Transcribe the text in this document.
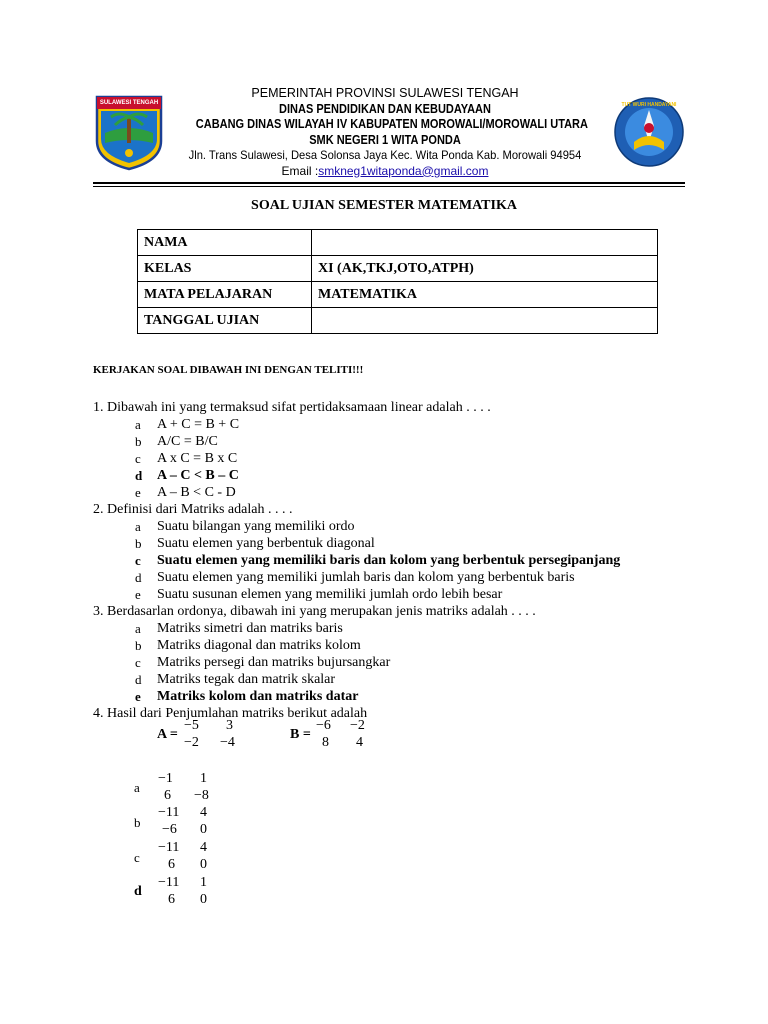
SULAWESI TENGAH	TUT WURI HANDAYANI
PEMERINTAH PROVINSI SULAWESI TENGAH
DINAS PENDIDIKAN DAN KEBUDAYAAN
CABANG DINAS WILAYAH IV KABUPATEN MOROWALI/MOROWALI UTARA
SMK NEGERI 1 WITA PONDA
Jln. Trans Sulawesi, Desa Solonsa Jaya Kec. Wita Ponda Kab. Morowali 94954
Email :smkneg1witaponda@gmail.com
SOAL UJIAN SEMESTER MATEMATIKA
NAMA	
KELAS	XI (AK,TKJ,OTO,ATPH)
MATA PELAJARAN	MATEMATIKA
TANGGAL UJIAN	
KERJAKAN SOAL DIBAWAH INI DENGAN TELITI!!!
1. Dibawah ini yang termaksud sifat pertidaksamaan linear adalah . . . .
a A + C = B + C
b A/C = B/C
c A x C = B x C
d A – C < B – C
e A – B < C - D
2. Definisi dari Matriks adalah . . . .
a Suatu bilangan yang memiliki ordo
b Suatu elemen yang berbentuk diagonal
c Suatu elemen yang memiliki baris dan kolom yang berbentuk persegipanjang
d Suatu elemen yang memiliki jumlah baris dan kolom yang berbentuk baris
e Suatu susunan elemen yang memiliki jumlah ordo lebih besar
3. Berdasarlan ordonya, dibawah ini yang merupakan jenis matriks adalah . . . .
a Matriks simetri dan matriks baris
b Matriks diagonal dan matriks kolom
c Matriks persegi dan matriks bujursangkar
d Matriks tegak dan matrik skalar
e Matriks kolom dan matriks datar
4. Hasil dari Penjumlahan matriks berikut adalah
A =
−5 3
−2 −4
B =
−6 −2
8 4
a
−1 1
6 −8
b
−11 4
−6 0
c
−11 4
6 0
d
−11 1
6 0
